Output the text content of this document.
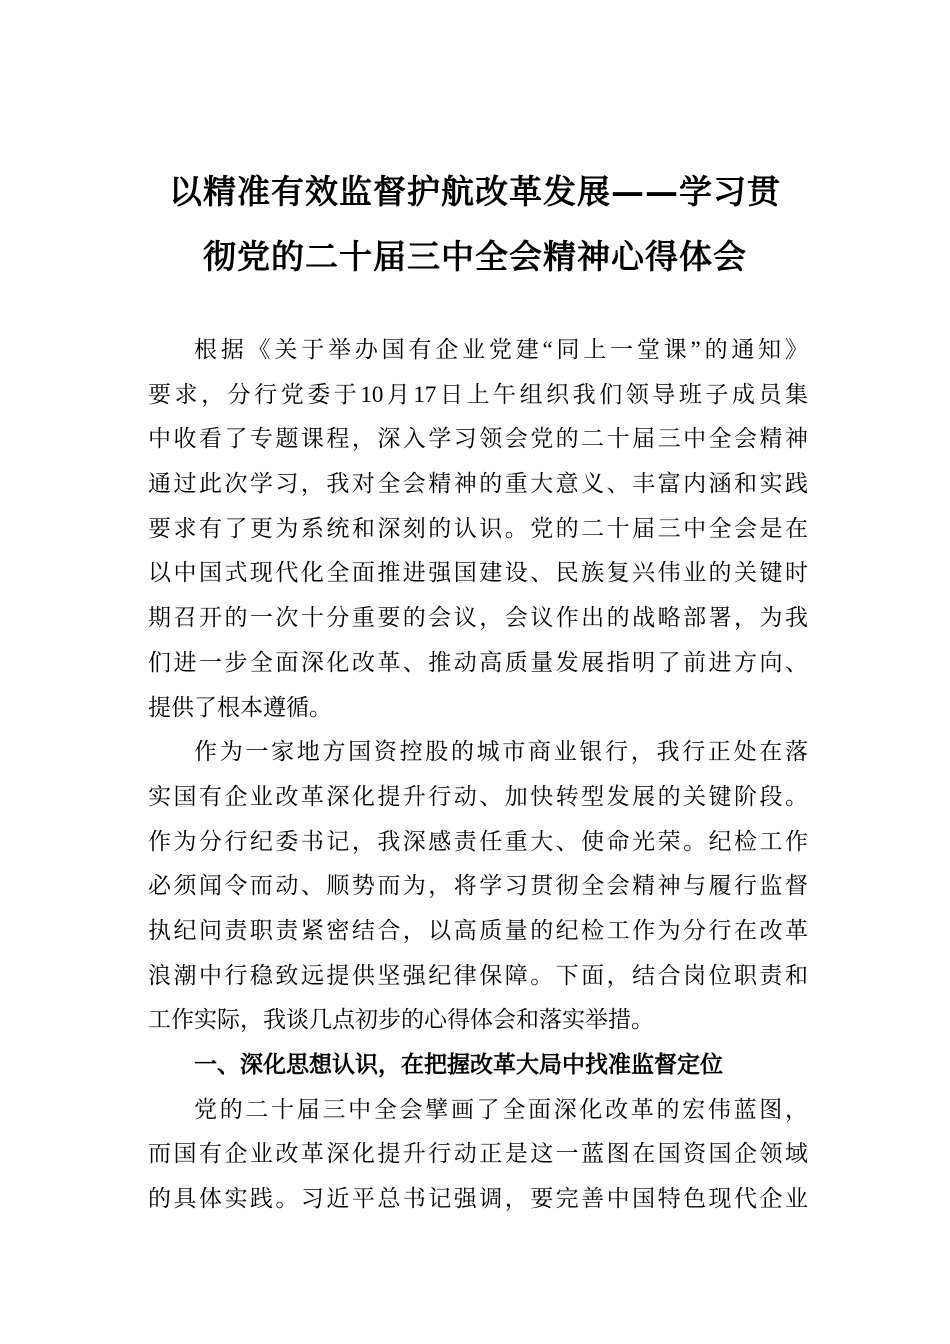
以精准有效监督护航改革发展——学习贯
彻党的二十届三中全会精神心得体会
根据《关于举办国有企业党建“同上一堂课”的通知》
要求，分行党委于10月17日上午组织我们领导班子成员集
中收看了专题课程，深入学习领会党的二十届三中全会精神
通过此次学习，我对全会精神的重大意义、丰富内涵和实践
要求有了更为系统和深刻的认识。党的二十届三中全会是在
以中国式现代化全面推进强国建设、民族复兴伟业的关键时
期召开的一次十分重要的会议，会议作出的战略部署，为我
们进一步全面深化改革、推动高质量发展指明了前进方向、
提供了根本遵循。
作为一家地方国资控股的城市商业银行，我行正处在落
实国有企业改革深化提升行动、加快转型发展的关键阶段。
作为分行纪委书记，我深感责任重大、使命光荣。纪检工作
必须闻令而动、顺势而为，将学习贯彻全会精神与履行监督
执纪问责职责紧密结合，以高质量的纪检工作为分行在改革
浪潮中行稳致远提供坚强纪律保障。下面，结合岗位职责和
工作实际，我谈几点初步的心得体会和落实举措。
一、深化思想认识，在把握改革大局中找准监督定位
党的二十届三中全会擘画了全面深化改革的宏伟蓝图，
而国有企业改革深化提升行动正是这一蓝图在国资国企领域
的具体实践。习近平总书记强调，要完善中国特色现代企业
